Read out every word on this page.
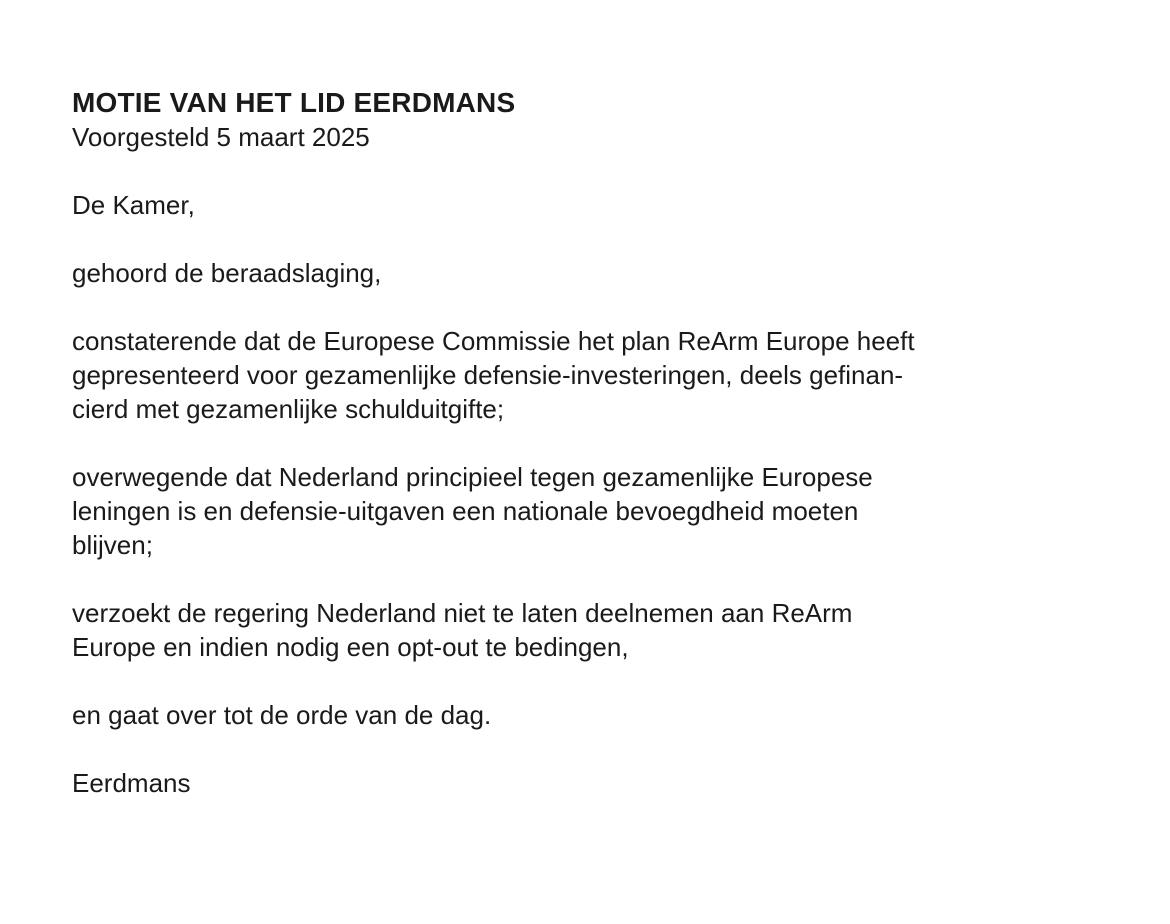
MOTIE VAN HET LID EERDMANS

Voorgesteld 5 maart 2025

De Kamer,

gehoord de beraadslaging,

constaterende dat de Europese Commissie het plan ReArm Europe heeft
gepresenteerd voor gezamenlijke defensie-investeringen, deels gefinan-
cierd met gezamenlijke schulduitgifte;

overwegende dat Nederland principieel tegen gezamenlijke Europese
leningen is en defensie-uitgaven een nationale bevoegdheid moeten
blijven;

verzoekt de regering Nederland niet te laten deelnemen aan ReArm
Europe en indien nodig een opt-out te bedingen,

en gaat over tot de orde van de dag.

Eerdmans
